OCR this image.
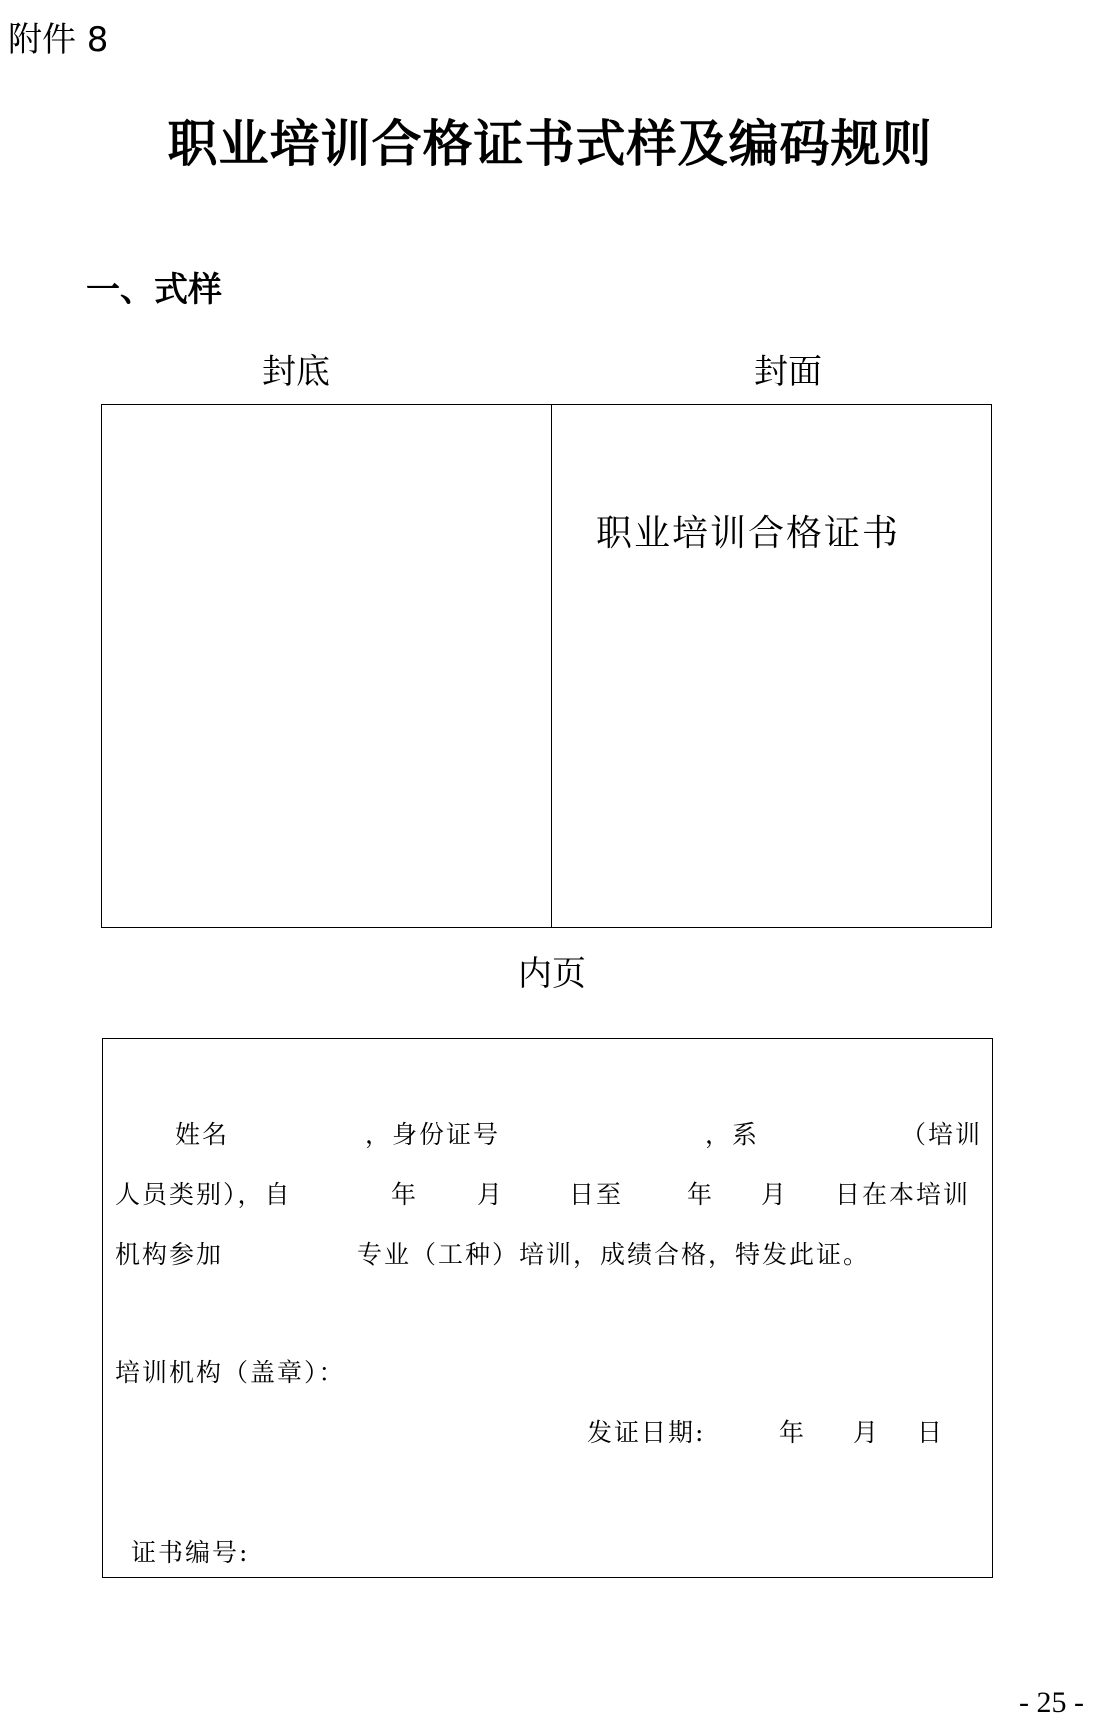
附件 8
职业培训合格证书式样及编码规则
一、式样
封底	封面
职业培训合格证书
内页
姓名	，身份证号	，系	（培训
人员类别），自	年 月	日至	年 月 日在本培训
机构参加	专业（工种）培训，成绩合格，特发此证。
培训机构（盖章）：
发证日期:	年 月 日
证书编号:
- 25 -
